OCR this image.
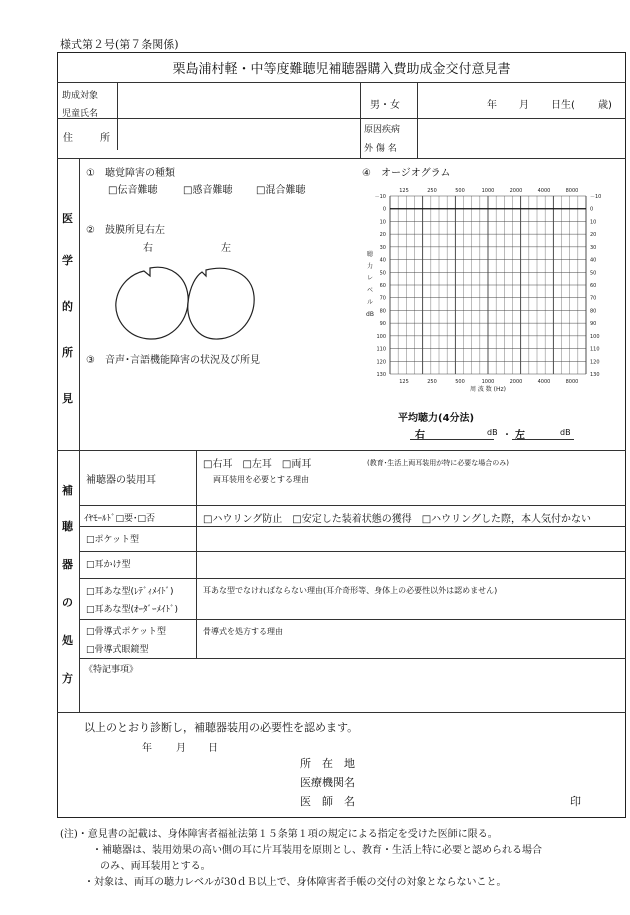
様式第２号(第７条関係)
栗島浦村軽・中等度難聴児補聴器購入費助成金交付意見書
助成対象
児童氏名
男・女	年 月 日生( 歳)
住	所
原因疾病
外 傷 名
医
学
的
所
見
①　聴覚障害の種類
□伝音難聴	□感音難聴 □混合難聴
②　鼓膜所見右左
右	左
③　音声･言語機能障害の状況及び所見
④　オージオグラム
－10	－10
0	0
10	10
20	20
30	30
40	40
50	50
60	60
70	70
80	80
90	90
100	100
110	110
120	120
130	130
125
125
250
250
500
500
1000
1000
2000
2000
4000
4000
8000
8000
聴
力
レ
ベ
ル
dB
周 波 数 (Hz)
平均聴力(4分法)
右	dB ・ 左	dB
補
聴
器
の
処
方
補聴器の装用耳
□右耳　□左耳　□両耳	(教育･生活上両耳装用が特に必要な場合のみ)
両耳装用を必要とする理由
ｲﾔﾓｰﾙﾄﾞ□要･□否	□ハウリング防止　□安定した装着状態の獲得　□ハウリングした際，本人気付かない
□ポケット型
□耳かけ型
□耳あな型(ﾚﾃﾞｨﾒｲﾄﾞ)
□耳あな型(ｵｰﾀﾞｰﾒｲﾄﾞ)
耳あな型でなければならない理由(耳介奇形等、身体上の必要性以外は認めません)
□骨導式ポケット型
□骨導式眼鏡型
骨導式を処方する理由
《特記事項》
以上のとおり診断し，補聴器装用の必要性を認めます。
年 月 日
所　在　地
医療機関名
医　師　名	印
(注)・意見書の記載は、身体障害者福祉法第１５条第１項の規定による指定を受けた医師に限る。
・補聴器は、装用効果の高い側の耳に片耳装用を原則とし、教育・生活上特に必要と認められる場合
のみ、両耳装用とする。
・対象は、両耳の聴力レベルが30ｄＢ以上で、身体障害者手帳の交付の対象とならないこと。
